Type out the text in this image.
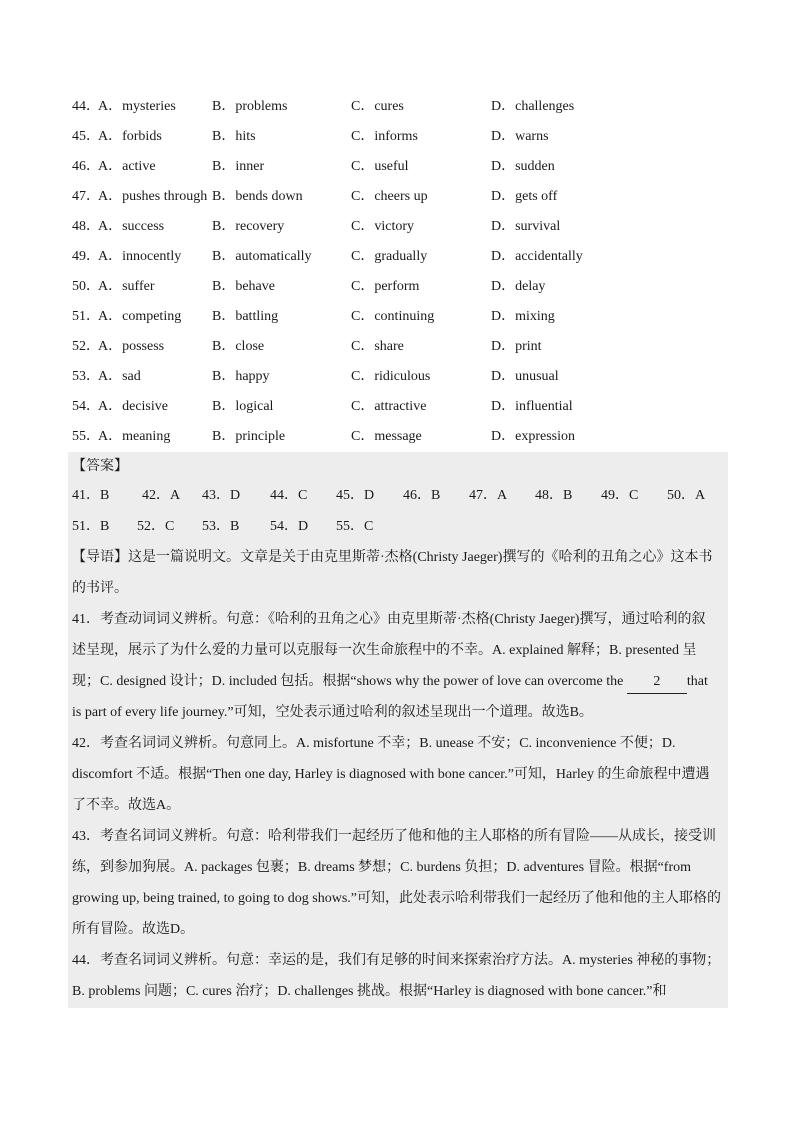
44．
A．mysteries	B．problems	C．cures	D．challenges
45．
A．forbids	B．hits	C．informs	D．warns
46．
A．active	B．inner	C．useful	D．sudden
47．
A．pushes through B．bends down	C．cheers up	D．gets off
48．
A．success	B．recovery	C．victory	D．survival
49．
A．innocently B．automatically	C．gradually	D．accidentally
50．
A．suffer	B．behave	C．perform	D．delay
51．
A．competing B．battling	C．continuing	D．mixing
52．
A．possess	B．close	C．share	D．print
53．
A．sad	B．happy	C．ridiculous	D．unusual
54．
A．decisive	B．logical	C．attractive	D．influential
55．
A．meaning	B．principle	C．message	D．expression
【答案】
41．B 42．A 43．D 44．C 45．D 46．B 47．A 48．B 49．C 50．A
51．B 52．C 53．B 54．D 55．C
【导语】这是一篇说明文。文章是关于由克里斯蒂·杰格(Christy Jaeger)撰写的《哈利的丑角之心》这本书
的书评。
41．考查动词词义辨析。句意：《哈利的丑角之心》由克里斯蒂·杰格(Christy Jaeger)撰写，通过哈利的叙
述呈现，展示了为什么爱的力量可以克服每一次生命旅程中的不幸。A. explained 解释；B. presented 呈
现；C. designed 设计；D. included 包括。根据“shows why the power of love can overcome the 2 that
is part of every life journey.”可知，空处表示通过哈利的叙述呈现出一个道理。故选B。
42．考查名词词义辨析。句意同上。A. misfortune 不幸；B. unease 不安；C. inconvenience 不便；D.
discomfort 不适。根据“Then one day, Harley is diagnosed with bone cancer.”可知，Harley 的生命旅程中遭遇
了不幸。故选A。
43．考查名词词义辨析。句意：哈利带我们一起经历了他和他的主人耶格的所有冒险——从成长，接受训
练，到参加狗展。A. packages 包裹；B. dreams 梦想；C. burdens 负担；D. adventures 冒险。根据“from
growing up, being trained, to going to dog shows.”可知，此处表示哈利带我们一起经历了他和他的主人耶格的
所有冒险。故选D。
44．考查名词词义辨析。句意：幸运的是，我们有足够的时间来探索治疗方法。A. mysteries 神秘的事物；
B. problems 问题；C. cures 治疗；D. challenges 挑战。根据“Harley is diagnosed with bone cancer.”和
